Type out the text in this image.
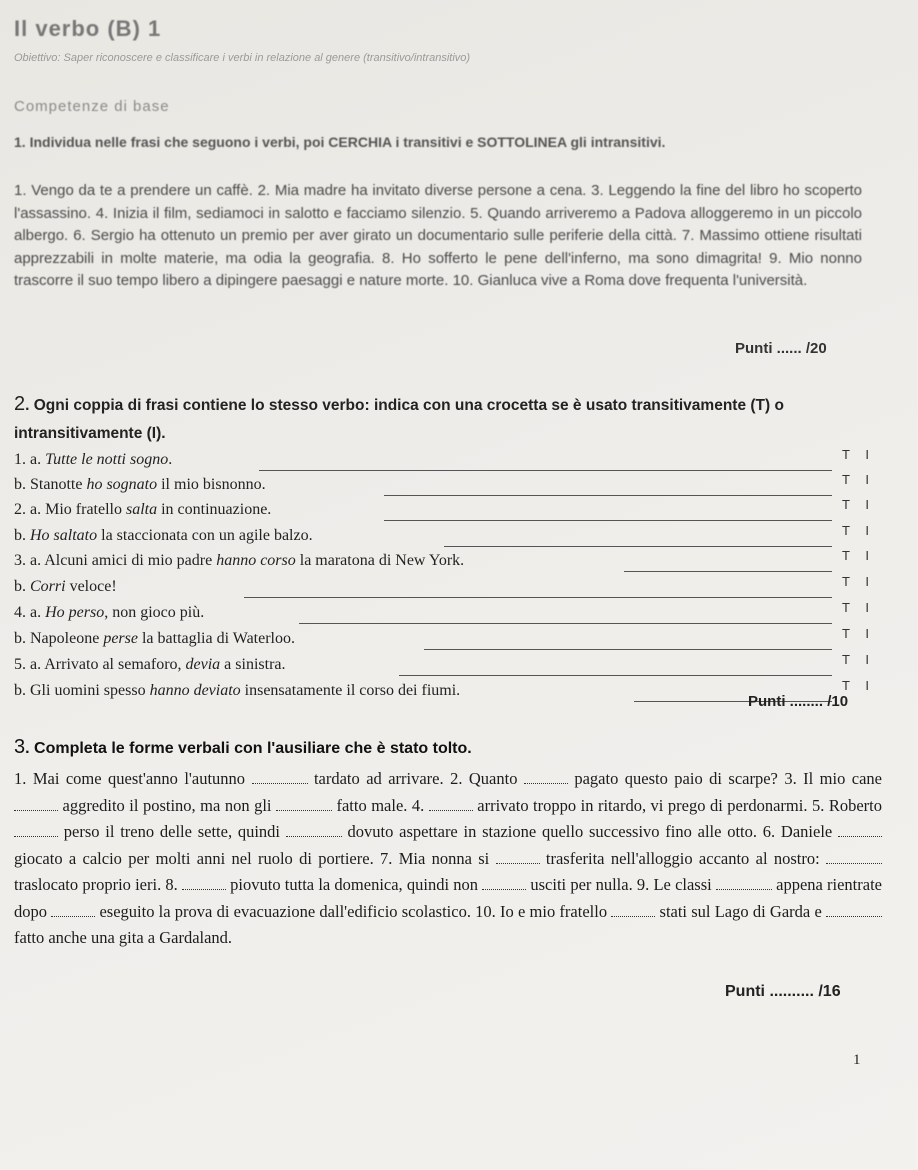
Il verbo (B) 1
Obiettivo: Saper riconoscere e classificare i verbi in relazione al genere (transitivo/intransitivo)
Competenze di base
1. Individua nelle frasi che seguono i verbi, poi CERCHIA i transitivi e SOTTOLINEA gli intransitivi.
1. Vengo da te a prendere un caffè. 2. Mia madre ha invitato diverse persone a cena. 3. Leggendo la fine del libro ho scoperto l'assassino. 4. Inizia il film, sediamoci in salotto e facciamo silenzio. 5. Quando arriveremo a Padova alloggeremo in un piccolo albergo. 6. Sergio ha ottenuto un premio per aver girato un documentario sulle periferie della città. 7. Massimo ottiene risultati apprezzabili in molte materie, ma odia la geografia. 8. Ho sofferto le pene dell'inferno, ma sono dimagrita! 9. Mio nonno trascorre il suo tempo libero a dipingere paesaggi e nature morte. 10. Gianluca vive a Roma dove frequenta l'università.
Punti ...... /20
2. Ogni coppia di frasi contiene lo stesso verbo: indica con una crocetta se è usato transitivamente (T) o intransitivamente (I).
1. a. Tutte le notti sogno.	T I
b. Stanotte ho sognato il mio bisnonno.	T I
2. a. Mio fratello salta in continuazione.	T I
b. Ho saltato la staccionata con un agile balzo.	T I
3. a. Alcuni amici di mio padre hanno corso la maratona di New York.	T I
b. Corri veloce!	T I
4. a. Ho perso, non gioco più.	T I
b. Napoleone perse la battaglia di Waterloo.	T I
5. a. Arrivato al semaforo, devia a sinistra.	T I
b. Gli uomini spesso hanno deviato insensatamente il corso dei fiumi.	T I
Punti ........ /10
3. Completa le forme verbali con l'ausiliare che è stato tolto.
1. Mai come quest'anno l'autunno	tardato ad arrivare. 2. Quanto	pagato questo paio di scarpe? 3. Il mio cane  aggredito il postino, ma non gli	fatto male. 4.	arrivato troppo in ritardo, vi prego di perdonarmi. 5. Roberto  perso il treno delle sette, quindi	dovuto aspettare in stazione quello successivo fino alle otto. 6. Daniele  giocato a calcio per molti anni nel ruolo di portiere. 7. Mia nonna si	trasferita nell'alloggio accanto al nostro:  traslocato proprio ieri. 8.	piovuto tutta la domenica, quindi non	usciti per nulla. 9. Le classi	appena rientrate dopo	eseguito la prova di evacuazione dall'edificio scolastico. 10. Io e mio fratello	stati sul Lago di Garda e  fatto anche una gita a Gardaland.
Punti .......... /16
1
